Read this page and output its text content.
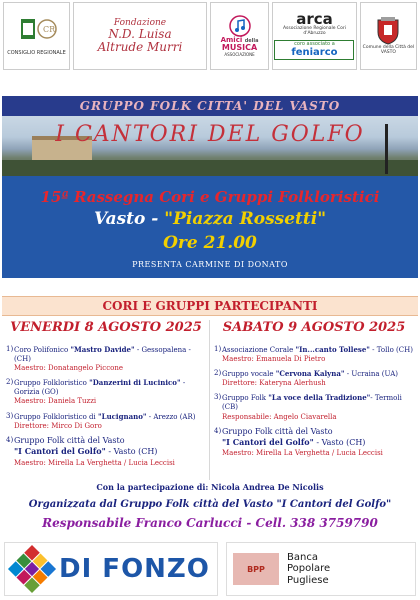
CR
CONSIGLIO REGIONALE
Fondazione
N.D. Luisa
Altrude Murri	Amici della
MUSICA
ASSOCIAZIONE
arca
Associazione Regionale Cori d'Abruzzo
coro associato a
feniarco	Comune della Città del VASTO
GRUPPO FOLK CITTA' DEL VASTO
I CANTORI DEL GOLFO
15ª Rassegna Cori e Gruppi Folkloristici
Vasto - "Piazza Rossetti"
Ore 21.00
PRESENTA CARMINE DI DONATO
CORI E GRUPPI PARTECIPANTI
VENERDI 8 AGOSTO 2025
1) Coro Polifonico "Mastro Davide" - Gessopalena - (CH)
Maestro: Donatangelo Piccone
2) Gruppo Folkloristico "Danzerini di Lucinico" - Gorizia (GO)
Maestro: Daniela Tuzzi
3) Gruppo Folkloristico di "Lucignano" - Arezzo (AR)
Direttore: Mirco Di Goro
4) Gruppo Folk città del Vasto
"I Cantori del Golfo" - Vasto (CH)
Maestro: Mirella La Verghetta / Lucia Leccisi
SABATO 9 AGOSTO 2025
1) Associazione Corale "In...canto Tollese" - Tollo (CH)
Maestro: Emanuela Di Pietro
2) Gruppo vocale "Cervona Kalyna" - Ucraina (UA)
Direttore: Kateryna Alerhush
3) Gruppo Folk "La voce della Tradizione"- Termoli (CB)
Responsabile: Angelo Ciavarella
4) Gruppo Folk città del Vasto
"I Cantori del Golfo" - Vasto (CH)
Maestro: Mirella La Verghetta / Lucia Leccisi
Con la partecipazione di: Nicola Andrea De Nicolis
Organizzata dal Gruppo Folk città del Vasto "I Cantori del Golfo"
Responsabile Franco Carlucci - Cell. 338 3759790
DI FONZO	BPP
Banca
Popolare
Pugliese
